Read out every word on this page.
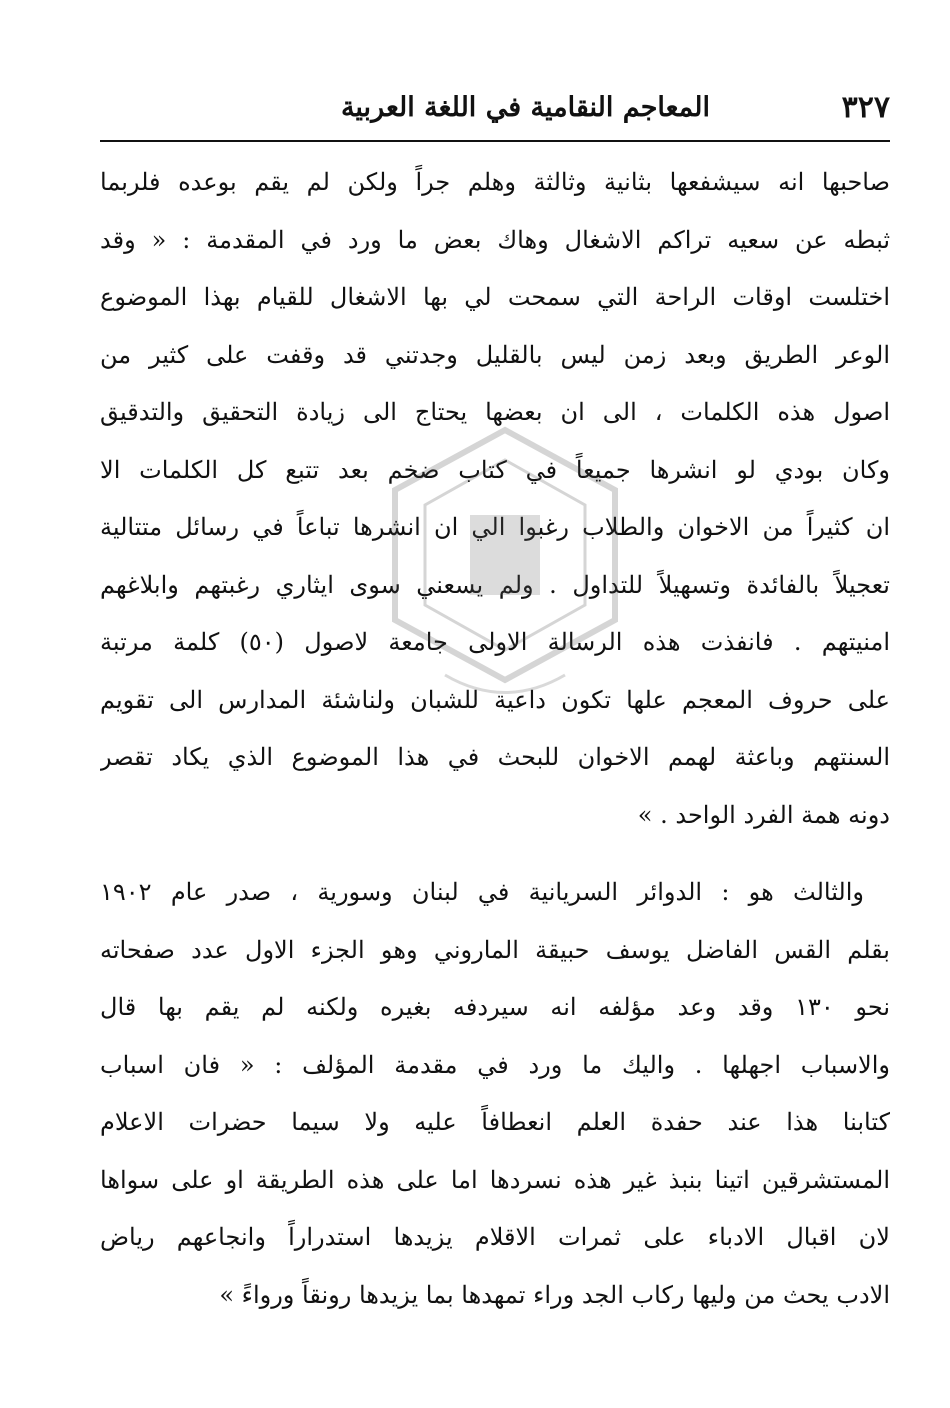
٣٢٧
المعاجم النقامية في اللغة العربية
صاحبها انه سيشفعها بثانية وثالثة وهلم جراً ولكن لم يقم بوعده فلربما
ثبطه عن سعيه تراكم الاشغال وهاك بعض ما ورد في المقدمة : « وقد
اختلست اوقات الراحة التي سمحت لي بها الاشغال للقيام بهذا الموضوع
الوعر الطريق وبعد زمن ليس بالقليل وجدتني قد وقفت على كثير من
اصول هذه الكلمات ، الى ان بعضها يحتاج الى زيادة التحقيق والتدقيق
وكان بودي لو انشرها جميعاً في كتاب ضخم بعد تتبع كل الكلمات الا
ان كثيراً من الاخوان والطلاب رغبوا الي ان انشرها تباعاً في رسائل متتالية
تعجيلاً بالفائدة وتسهيلاً للتداول . ولم يسعني سوى ايثاري رغبتهم وابلاغهم
امنيتهم . فانفذت هذه الرسالة الاولى جامعة لاصول (٥٠) كلمة مرتبة
على حروف المعجم علها تكون داعية للشبان ولناشئة المدارس الى تقويم
السنتهم وباعثة لهمم الاخوان للبحث في هذا الموضوع الذي يكاد تقصر
دونه همة الفرد الواحد . »
والثالث هو : الدوائر السريانية في لبنان وسورية ، صدر عام ١٩٠٢
بقلم القس الفاضل يوسف حبيقة الماروني وهو الجزء الاول عدد صفحاته
نحو ١٣٠ وقد وعد مؤلفه انه سيردفه بغيره ولكنه لم يقم بها قال
والاسباب اجهلها . واليك ما ورد في مقدمة المؤلف : « فان اسباب
كتابنا هذا عند حفدة العلم انعطافاً عليه ولا سيما حضرات الاعلام
المستشرقين اتينا بنبذ غير هذه نسردها اما على هذه الطريقة او على سواها
لان اقبال الادباء على ثمرات الاقلام يزيدها استدراراً وانجاعهم رياض
الادب يحث من وليها ركاب الجد وراء تمهدها بما يزيدها رونقاً ورواءً »
